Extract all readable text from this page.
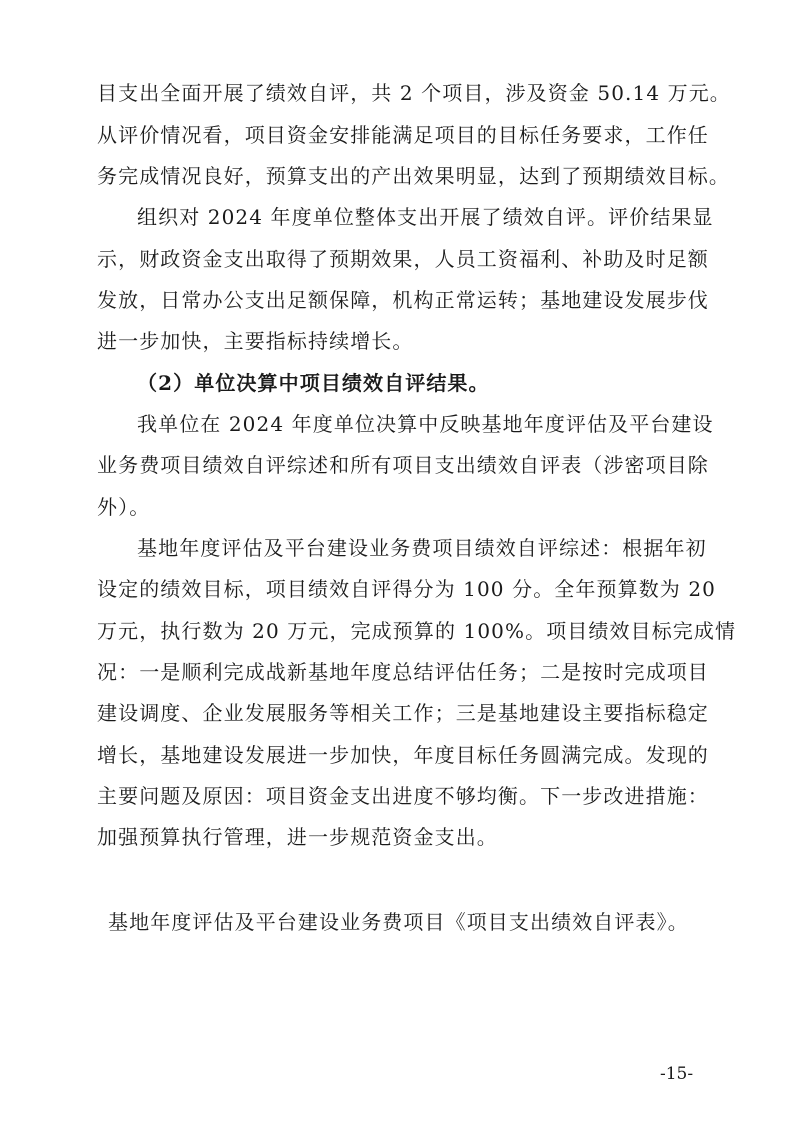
目支出全面开展了绩效自评，共 2 个项目，涉及资金 50.14 万元。
从评价情况看，项目资金安排能满足项目的目标任务要求，工作任
务完成情况良好，预算支出的产出效果明显，达到了预期绩效目标。
组织对 2024 年度单位整体支出开展了绩效自评。评价结果显
示，财政资金支出取得了预期效果，人员工资福利、补助及时足额
发放，日常办公支出足额保障，机构正常运转；基地建设发展步伐
进一步加快，主要指标持续增长。
（2）单位决算中项目绩效自评结果。
我单位在 2024 年度单位决算中反映基地年度评估及平台建设
业务费项目绩效自评综述和所有项目支出绩效自评表（涉密项目除
外）。
基地年度评估及平台建设业务费项目绩效自评综述：根据年初
设定的绩效目标，项目绩效自评得分为 100 分。全年预算数为 20
万元，执行数为 20 万元，完成预算的 100%。项目绩效目标完成情
况：一是顺利完成战新基地年度总结评估任务；二是按时完成项目
建设调度、企业发展服务等相关工作；三是基地建设主要指标稳定
增长，基地建设发展进一步加快，年度目标任务圆满完成。发现的
主要问题及原因：项目资金支出进度不够均衡。下一步改进措施：
加强预算执行管理，进一步规范资金支出。
基地年度评估及平台建设业务费项目《项目支出绩效自评表》。
-15-
